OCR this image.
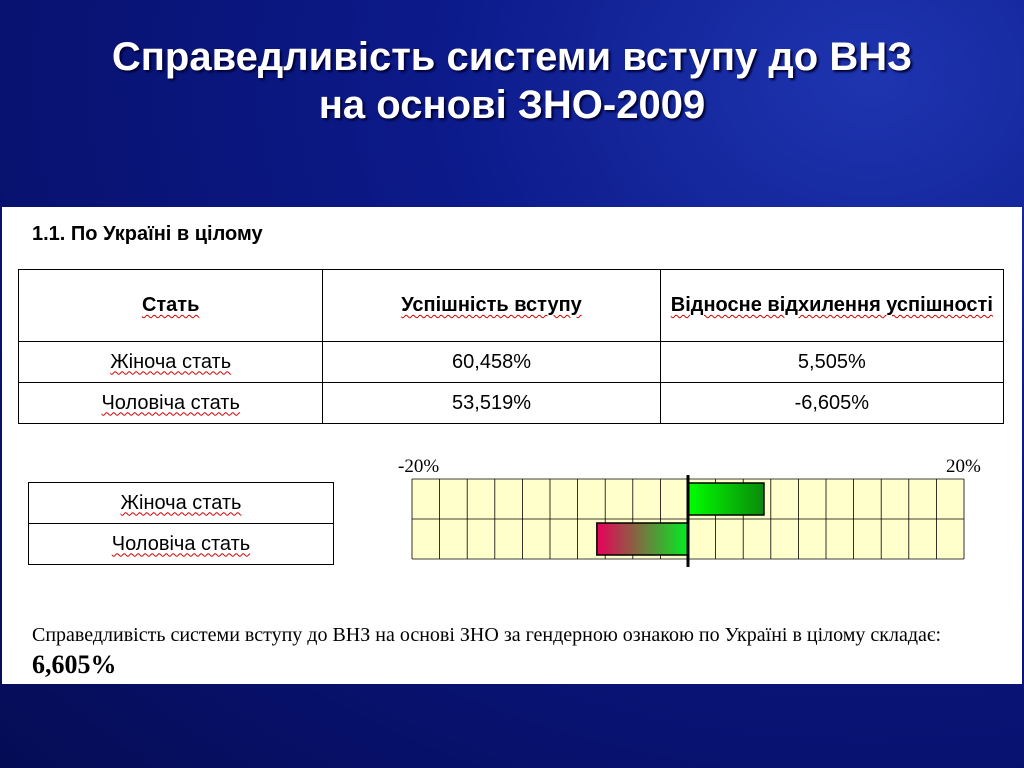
Справедливість системи вступу до ВНЗ
на основі ЗНО-2009
1.1. По Україні в цілому
Стать	Успішність вступу	Відносне відхилення успішності
Жіноча стать	60,458%	5,505%
Чоловіча стать	53,519%	-6,605%
Жіноча стать
Чоловіча стать
-20%	20%
Справедливість системи вступу до ВНЗ на основі ЗНО за гендерною ознакою по Україні в цілому складає: 6,605%
